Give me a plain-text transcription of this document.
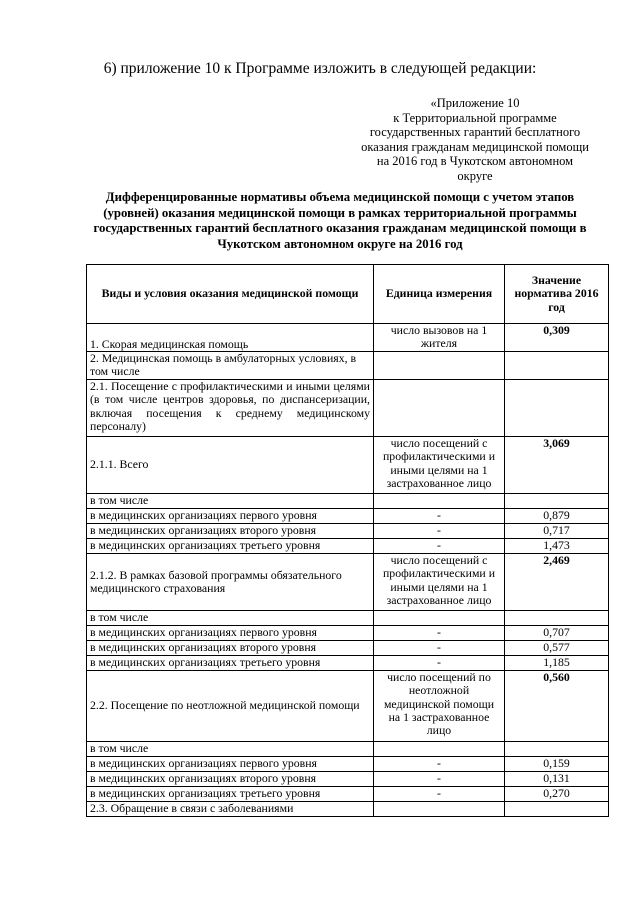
6) приложение 10 к Программе изложить в следующей редакции:
«Приложение 10
к Территориальной программе
государственных гарантий бесплатного
оказания гражданам медицинской помощи
на 2016 год в Чукотском автономном
округе
Дифференцированные нормативы объема медицинской помощи с учетом этапов (уровней) оказания медицинской помощи в рамках территориальной программы государственных гарантий бесплатного оказания гражданам медицинской помощи в Чукотском автономном округе на 2016 год
Виды и условия оказания медицинской помощи	Единица измерения	Значение норматива 2016 год
1. Скорая медицинская помощь	число вызовов на 1 жителя	0,309
2. Медицинская помощь в амбулаторных условиях, в том числе		
2.1. Посещение с профилактическими и иными целями (в том числе центров здоровья, по диспансеризации, включая посещения к среднему медицинскому персоналу)		
2.1.1. Всего	число посещений с профилактическими и иными целями на 1 застрахованное лицо	3,069
в том числе		
в медицинских организациях первого уровня	-	0,879
в медицинских организациях второго уровня	-	0,717
в медицинских организациях третьего уровня	-	1,473
2.1.2. В рамках базовой программы обязательного медицинского страхования	число посещений с профилактическими и иными целями на 1 застрахованное лицо	2,469
в том числе		
в медицинских организациях первого уровня	-	0,707
в медицинских организациях второго уровня	-	0,577
в медицинских организациях третьего уровня	-	1,185
2.2. Посещение по неотложной медицинской помощи	число посещений по неотложной медицинской помощи на 1 застрахованное лицо	0,560
в том числе		
в медицинских организациях первого уровня	-	0,159
в медицинских организациях второго уровня	-	0,131
в медицинских организациях третьего уровня	-	0,270
2.3. Обращение в связи с заболеваниями		
